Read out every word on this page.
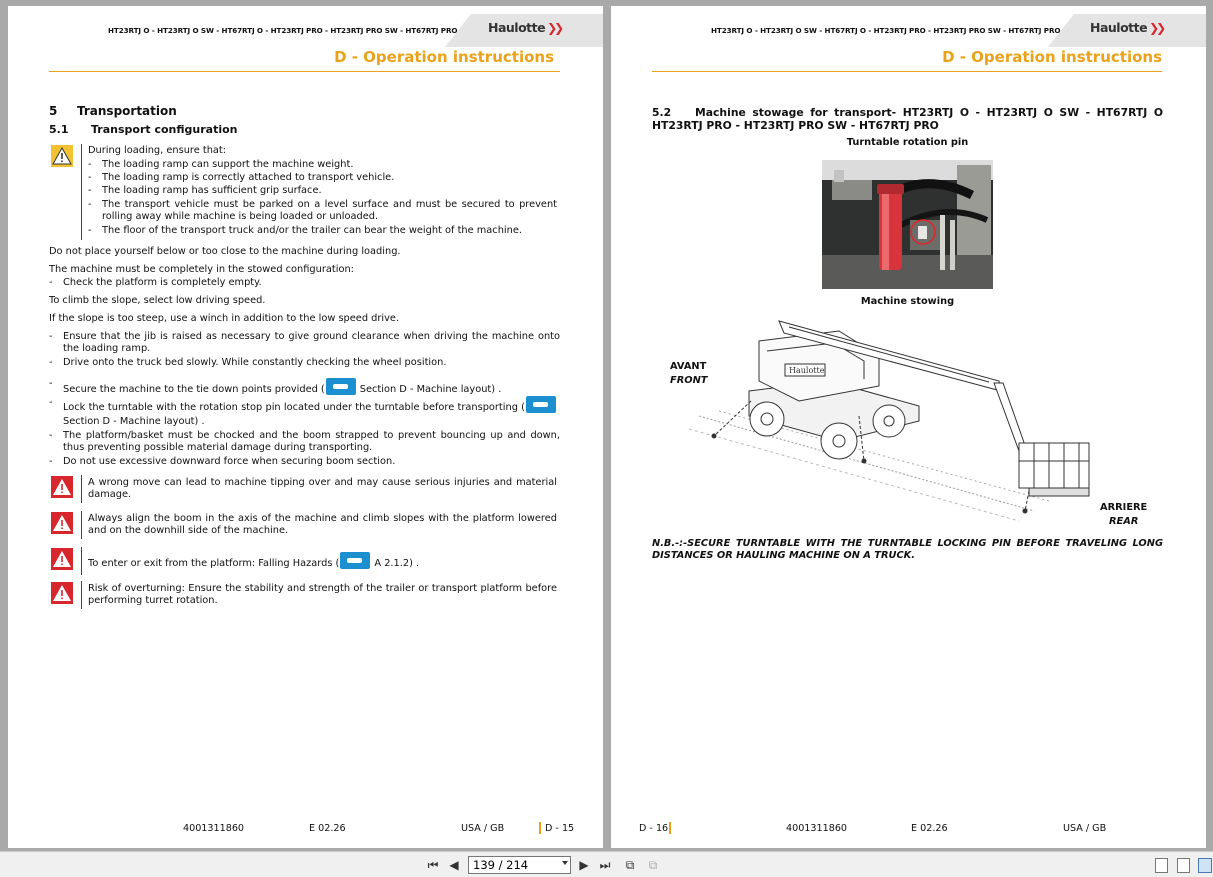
HT23RTJ O - HT23RTJ O SW - HT67RTJ O - HT23RTJ PRO - HT23RTJ PRO SW - HT67RTJ PRO Haulotte ❯❯
D - Operation instructions
5 Transportation
5.1 Transport configuration
During loading, ensure that:
- The loading ramp can support the machine weight.
- The loading ramp is correctly attached to transport vehicle.
- The loading ramp has sufficient grip surface.
- The transport vehicle must be parked on a level surface and must be secured to prevent rolling away while machine is being loaded or unloaded.
- The floor of the transport truck and/or the trailer can bear the weight of the machine.
Do not place yourself below or too close to the machine during loading.
The machine must be completely in the stowed configuration:
- Check the platform is completely empty.
To climb the slope, select low driving speed.
If the slope is too steep, use a winch in addition to the low speed drive.
- Ensure that the jib is raised as necessary to give ground clearance when driving the machine onto the loading ramp.
- Drive onto the truck bed slowly. While constantly checking the wheel position.
- Secure the machine to the tie down points provided (	Section D - Machine layout) .
- Lock the turntable with the rotation stop pin located under the turntable before transporting (Section D - Machine layout) .
- The platform/basket must be chocked and the boom strapped to prevent bouncing up and down, thus preventing possible material damage during transporting.
- Do not use excessive downward force when securing boom section.
A wrong move can lead to machine tipping over and may cause serious injuries and material damage.
Always align the boom in the axis of the machine and climb slopes with the platform lowered and on the downhill side of the machine.
To enter or exit from the platform: Falling Hazards (	A 2.1.2) .
Risk of overturning: Ensure the stability and strength of the trailer or transport platform before performing turret rotation.
4001311860	E 02.26	USA / GB	D - 15
HT23RTJ O - HT23RTJ O SW - HT67RTJ O - HT23RTJ PRO - HT23RTJ PRO SW - HT67RTJ PRO Haulotte ❯❯
D - Operation instructions
5.2 Machine stowage for transport- HT23RTJ O - HT23RTJ O SW - HT67RTJ O HT23RTJ PRO - HT23RTJ PRO SW - HT67RTJ PRO
Turntable rotation pin
Machine stowing
AVANT
FRONT
ARRIERE
REAR
Haulotte
N.B.-:-SECURE TURNTABLE WITH THE TURNTABLE LOCKING PIN BEFORE TRAVELING LONG DISTANCES OR HAULING MACHINE ON A TRUCK.
D - 16	4001311860	E 02.26	USA / GB
⏮ ◀
139 / 214	▶ ⏭	⧉	⧉
